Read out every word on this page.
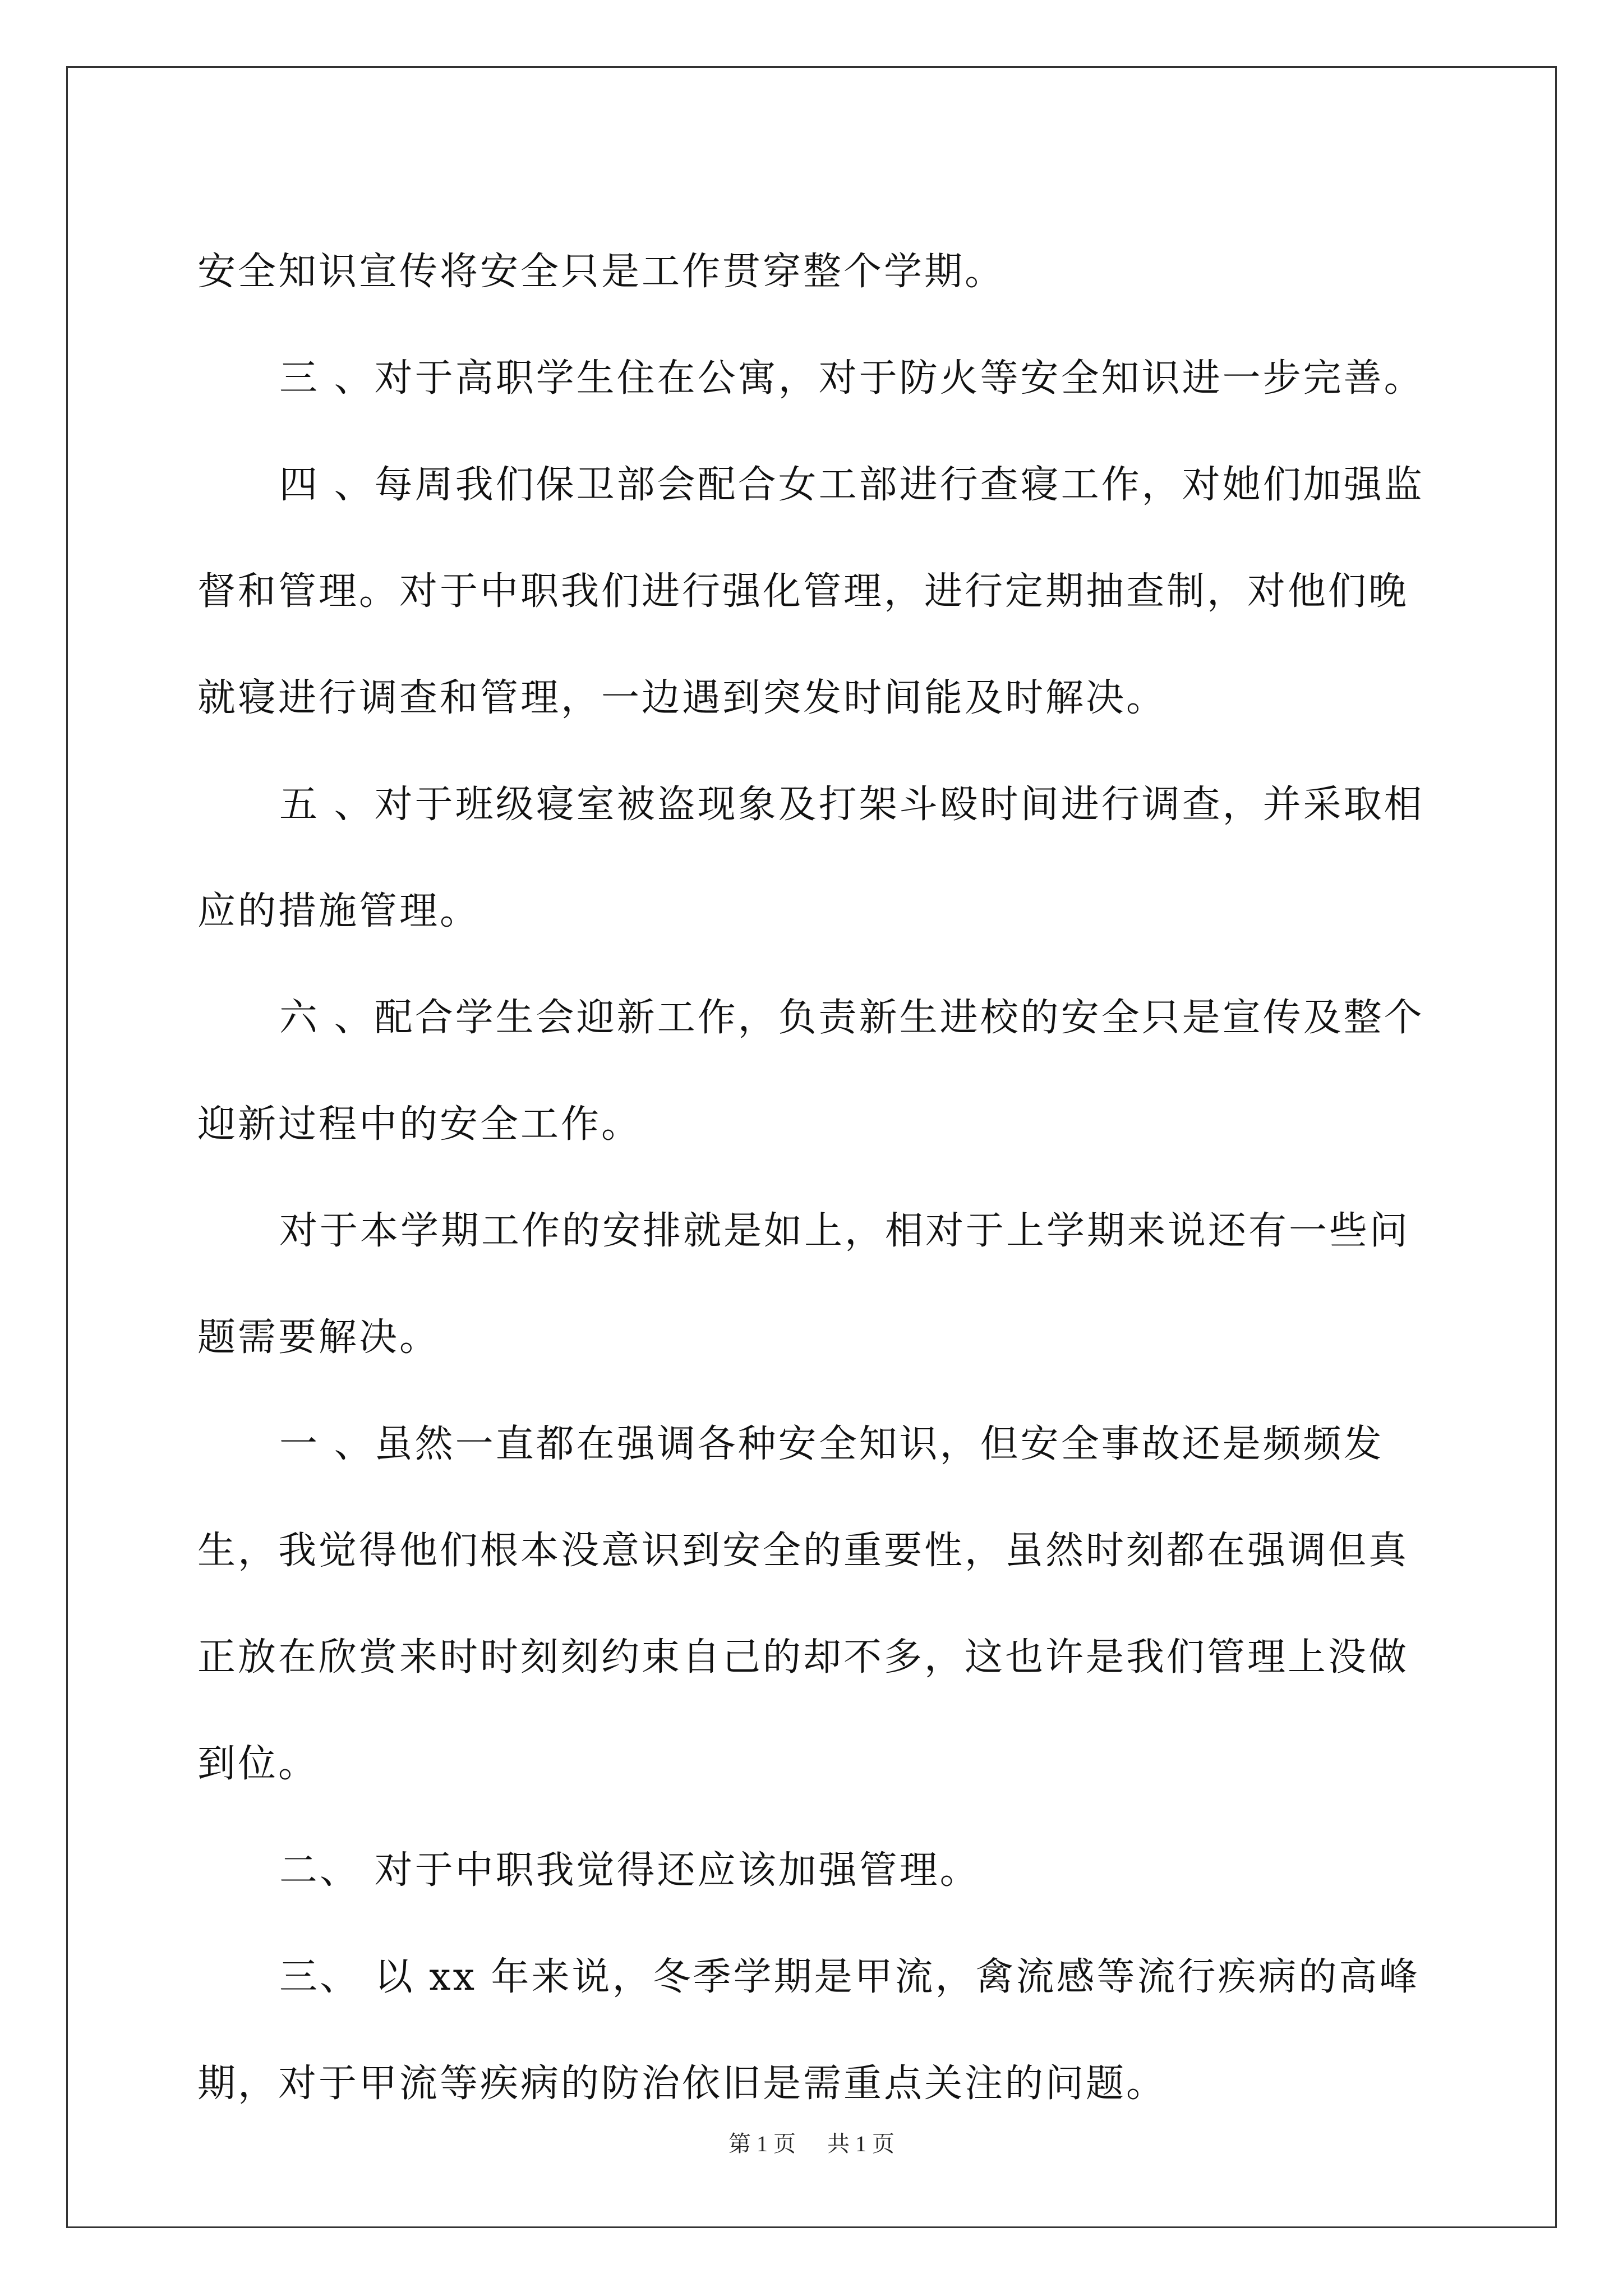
安全知识宣传将安全只是工作贯穿整个学期。

三 、对于高职学生住在公寓，对于防火等安全知识进一步完善。

四 、每周我们保卫部会配合女工部进行查寝工作，对她们加强监督和管理。对于中职我们进行强化管理，进行定期抽查制，对他们晚就寝进行调查和管理，一边遇到突发时间能及时解决。

五 、对于班级寝室被盗现象及打架斗殴时间进行调查，并采取相应的措施管理。

六 、配合学生会迎新工作，负责新生进校的安全只是宣传及整个迎新过程中的安全工作。

对于本学期工作的安排就是如上，相对于上学期来说还有一些问题需要解决。

一 、虽然一直都在强调各种安全知识，但安全事故还是频频发生，我觉得他们根本没意识到安全的重要性，虽然时刻都在强调但真正放在欣赏来时时刻刻约束自己的却不多，这也许是我们管理上没做到位。

二、 对于中职我觉得还应该加强管理。

三、 以 xx 年来说，冬季学期是甲流，禽流感等流行疾病的高峰期，对于甲流等疾病的防治依旧是需重点关注的问题。

第 1 页 共 1 页
